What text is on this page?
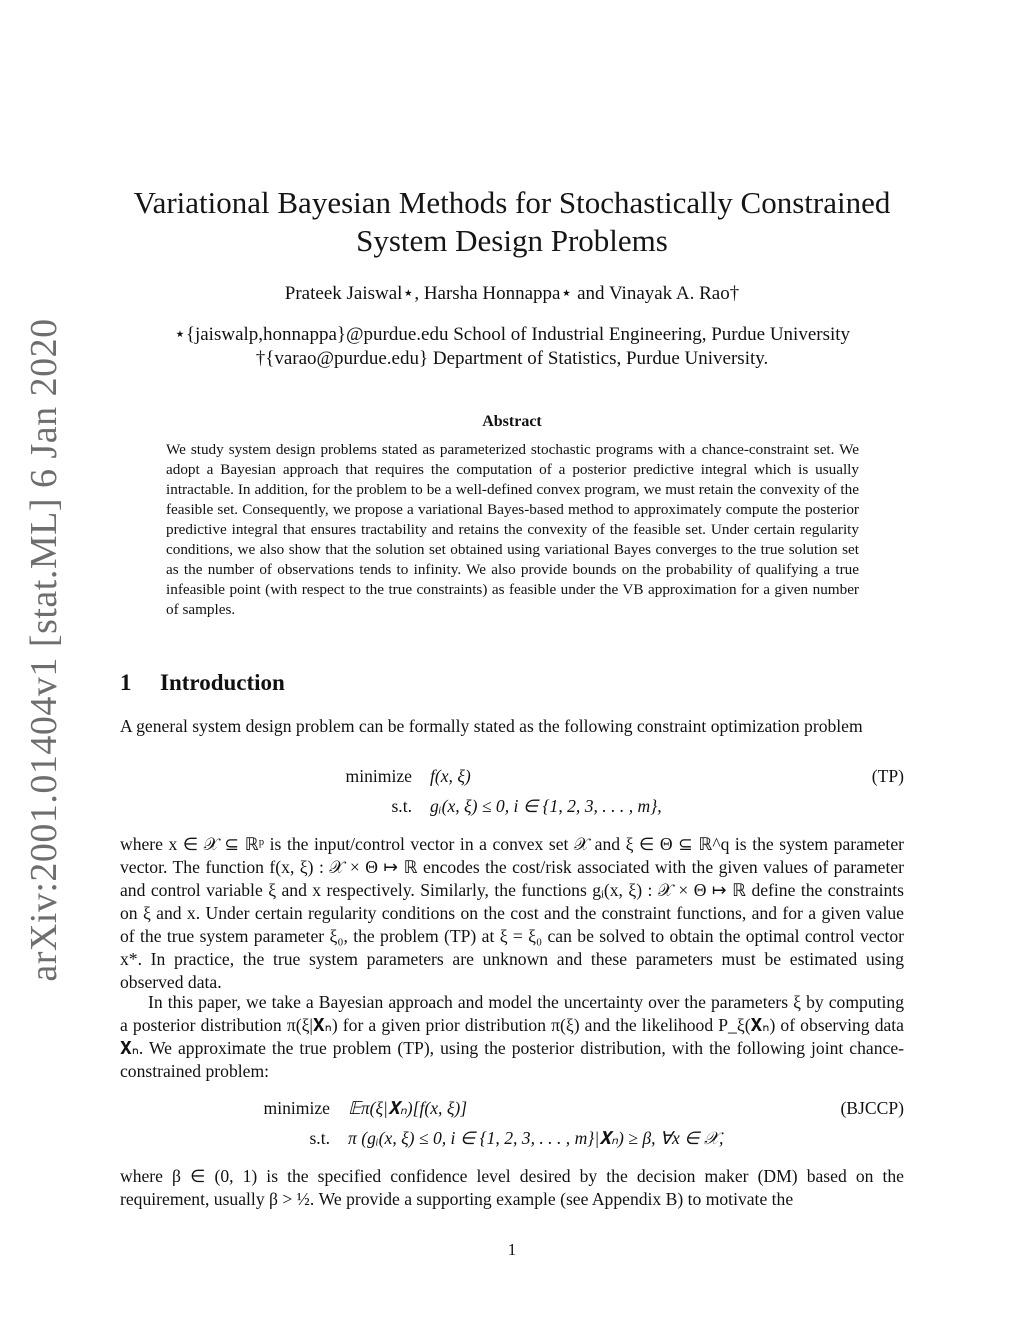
arXiv:2001.01404v1 [stat.ML] 6 Jan 2020
Variational Bayesian Methods for Stochastically Constrained
System Design Problems
Prateek Jaiswal⋆, Harsha Honnappa⋆ and Vinayak A. Rao†
⋆{jaiswalp,honnappa}@purdue.edu School of Industrial Engineering, Purdue University
†{varao@purdue.edu} Department of Statistics, Purdue University.
Abstract
We study system design problems stated as parameterized stochastic programs with a chance-constraint set. We adopt a Bayesian approach that requires the computation of a posterior predictive integral which is usually intractable. In addition, for the problem to be a well-defined convex program, we must retain the convexity of the feasible set. Consequently, we propose a variational Bayes-based method to approximately compute the posterior predictive integral that ensures tractability and retains the convexity of the feasible set. Under certain regularity conditions, we also show that the solution set obtained using variational Bayes converges to the true solution set as the number of observations tends to infinity. We also provide bounds on the probability of qualifying a true infeasible point (with respect to the true constraints) as feasible under the VB approximation for a given number of samples.
1 Introduction
A general system design problem can be formally stated as the following constraint optimization problem
minimize f(x, ξ)	(TP)
s.t. gᵢ(x, ξ) ≤ 0, i ∈ {1, 2, 3, . . . , m},
where x ∈ 𝒳 ⊆ ℝᵖ is the input/control vector in a convex set 𝒳 and ξ ∈ Θ ⊆ ℝ^q is the system parameter vector. The function f(x, ξ) : 𝒳 × Θ ↦ ℝ encodes the cost/risk associated with the given values of parameter and control variable ξ and x respectively. Similarly, the functions gᵢ(x, ξ) : 𝒳 × Θ ↦ ℝ define the constraints on ξ and x. Under certain regularity conditions on the cost and the constraint functions, and for a given value of the true system parameter ξ₀, the problem (TP) at ξ = ξ₀ can be solved to obtain the optimal control vector x*. In practice, the true system parameters are unknown and these parameters must be estimated using observed data.
In this paper, we take a Bayesian approach and model the uncertainty over the parameters ξ by computing a posterior distribution π(ξ|𝐗ₙ) for a given prior distribution π(ξ) and the likelihood P_ξ(𝐗ₙ) of observing data 𝐗ₙ. We approximate the true problem (TP), using the posterior distribution, with the following joint chance-constrained problem:
minimize 𝔼π(ξ|𝐗ₙ)[f(x, ξ)]	(BJCCP)
s.t. π (gᵢ(x, ξ) ≤ 0, i ∈ {1, 2, 3, . . . , m}|𝐗ₙ) ≥ β, ∀x ∈ 𝒳,
where β ∈ (0, 1) is the specified confidence level desired by the decision maker (DM) based on the requirement, usually β > ½. We provide a supporting example (see Appendix B) to motivate the
1
